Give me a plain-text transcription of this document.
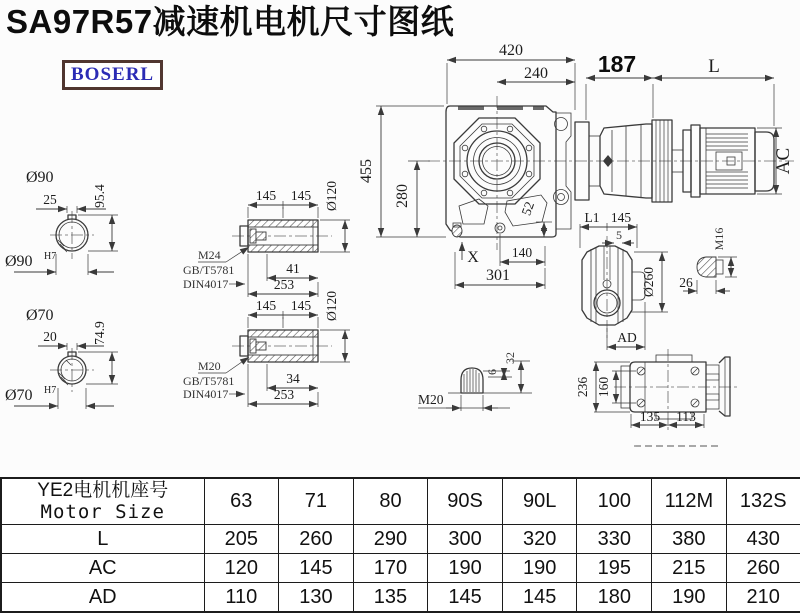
SA97R57减速机电机尺寸图纸
BOSERL
Ø90
25	95.4
Ø90 H7
Ø70
20	74.9
Ø70 H7
145 145 Ø120
41
253
M24
GB/T5781
DIN4017
145 145 Ø120
34
253
M20
GB/T5781
DIN4017
420
240 187	L
455
280
52
X 140
301
AC
L1 145
5
Ø260
AD
M16
26
6
32
M20
236 160
135 113
YE2电机机座号
Motor Size	63	71	80	90S	90L	100	112M	132S
L	205	260	290	300	320	330	380	430
AC	120	145	170	190	190	195	215	260
AD	110	130	135	145	145	180	190	210
